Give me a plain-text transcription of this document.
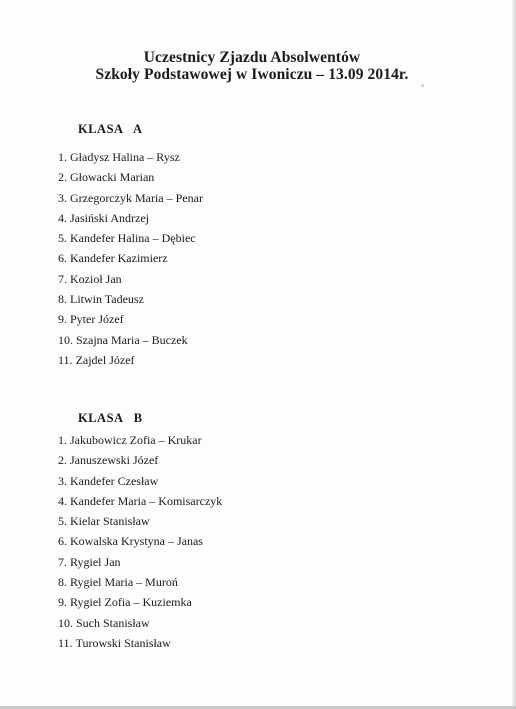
Uczestnicy Zjazdu Absolwentów
Szkoły Podstawowej w Iwoniczu – 13.09 2014r.
KLASA   A
1. Gładysz Halina – Rysz
2. Głowacki Marian
3. Grzegorczyk Maria – Penar
4. Jasiński Andrzej
5. Kandefer Halina – Dębiec
6. Kandefer Kazimierz
7. Kozioł Jan
8. Litwin Tadeusz
9. Pyter Józef
10. Szajna Maria – Buczek
11. Zajdel Józef
KLASA   B
1. Jakubowicz Zofia – Krukar
2. Januszewski Józef
3. Kandefer Czesław
4. Kandefer Maria – Komisarczyk
5. Kielar Stanisław
6. Kowalska Krystyna – Janas
7. Rygiel Jan
8. Rygiel Maria – Muroń
9. Rygiel Zofia – Kuziemka
10. Such Stanisław
11. Turowski Stanisław
